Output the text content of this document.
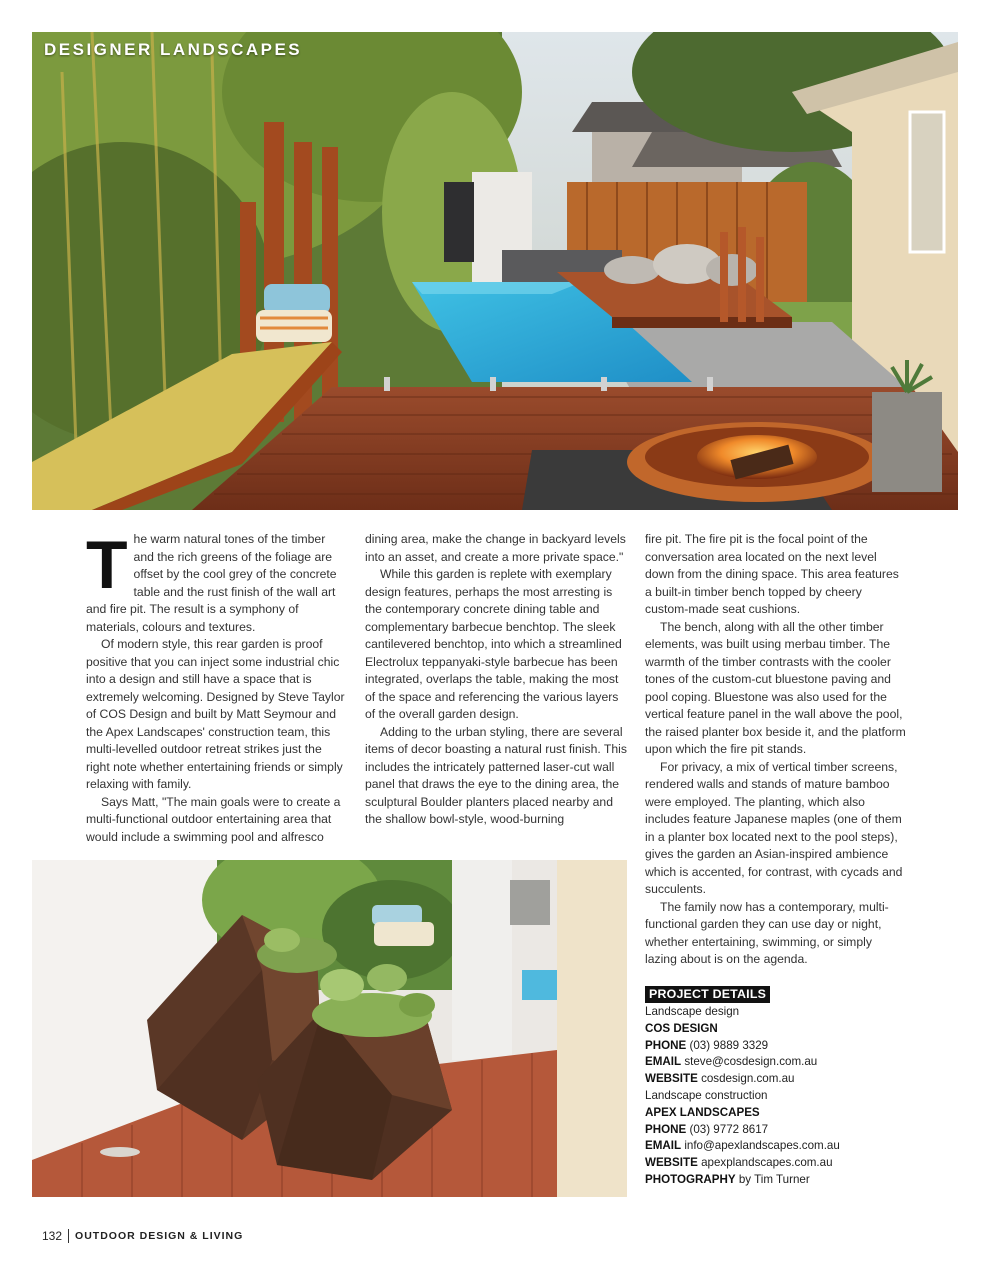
DESIGNER LANDSCAPES

The warm natural tones of the timber and the rich greens of the foliage are offset by the cool grey of the concrete table and the rust finish of the wall art and fire pit. The result is a symphony of materials, colours and textures.

Of modern style, this rear garden is proof positive that you can inject some industrial chic into a design and still have a space that is extremely welcoming. Designed by Steve Taylor of COS Design and built by Matt Seymour and the Apex Landscapes' construction team, this multi-levelled outdoor retreat strikes just the right note whether entertaining friends or simply relaxing with family.

Says Matt, "The main goals were to create a multi-functional outdoor entertaining area that would include a swimming pool and alfresco

dining area, make the change in backyard levels into an asset, and create a more private space."

While this garden is replete with exemplary design features, perhaps the most arresting is the contemporary concrete dining table and complementary barbecue benchtop. The sleek cantilevered benchtop, into which a streamlined Electrolux teppanyaki-style barbecue has been integrated, overlaps the table, making the most of the space and referencing the various layers of the overall garden design.

Adding to the urban styling, there are several items of decor boasting a natural rust finish. This includes the intricately patterned laser-cut wall panel that draws the eye to the dining area, the sculptural Boulder planters placed nearby and the shallow bowl-style, wood-burning

fire pit. The fire pit is the focal point of the conversation area located on the next level down from the dining space. This area features a built-in timber bench topped by cheery custom-made seat cushions.

The bench, along with all the other timber elements, was built using merbau timber. The warmth of the timber contrasts with the cooler tones of the custom-cut bluestone paving and pool coping. Bluestone was also used for the vertical feature panel in the wall above the pool, the raised planter box beside it, and the platform upon which the fire pit stands.

For privacy, a mix of vertical timber screens, rendered walls and stands of mature bamboo were employed. The planting, which also includes feature Japanese maples (one of them in a planter box located next to the pool steps), gives the garden an Asian-inspired ambience which is accented, for contrast, with cycads and succulents.

The family now has a contemporary, multi-functional garden they can use day or night, whether entertaining, swimming, or simply lazing about is on the agenda.

PROJECT DETAILS
Landscape design
COS DESIGN
PHONE (03) 9889 3329
EMAIL steve@cosdesign.com.au
WEBSITE cosdesign.com.au
Landscape construction
APEX LANDSCAPES
PHONE (03) 9772 8617
EMAIL info@apexlandscapes.com.au
WEBSITE apexplandscapes.com.au
PHOTOGRAPHY by Tim Turner
132 OUTDOOR DESIGN & LIVING
